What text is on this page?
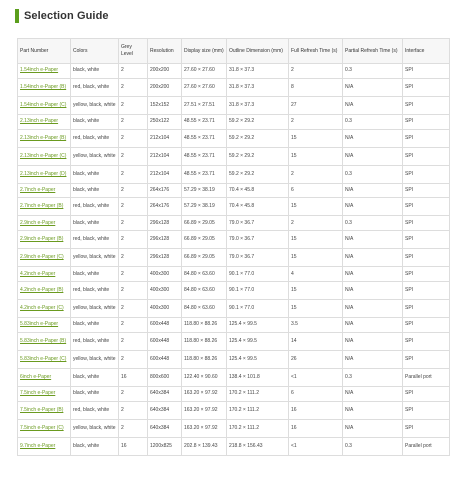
Selection Guide
Part Number	Colors	Grey Level	Resolution	Display size (mm)	Outline Dimension (mm)	Full Refresh Time (s)	Partial Refresh Time (s)	Interface
1.54inch e-Paper	black, white	2	200x200	27.60 × 27.60	31.8 × 37.3	2	0.3	SPI
1.54inch e-Paper (B)	red, black, white	2	200x200	27.60 × 27.60	31.8 × 37.3	8	N/A	SPI
1.54inch e-Paper (C)	yellow, black, white	2	152x152	27.51 × 27.51	31.8 × 37.3	27	N/A	SPI
2.13inch e-Paper	black, white	2	250x122	48.55 × 23.71	59.2 × 29.2	2	0.3	SPI
2.13inch e-Paper (B)	red, black, white	2	212x104	48.55 × 23.71	59.2 × 29.2	15	N/A	SPI
2.13inch e-Paper (C)	yellow, black, white	2	212x104	48.55 × 23.71	59.2 × 29.2	15	N/A	SPI
2.13inch e-Paper (D)	black, white	2	212x104	48.55 × 23.71	59.2 × 29.2	2	0.3	SPI
2.7inch e-Paper	black, white	2	264x176	57.29 × 38.19	70.4 × 45.8	6	N/A	SPI
2.7inch e-Paper (B)	red, black, white	2	264x176	57.29 × 38.19	70.4 × 45.8	15	N/A	SPI
2.9inch e-Paper	black, white	2	296x128	66.89 × 29.05	79.0 × 36.7	2	0.3	SPI
2.9inch e-Paper (B)	red, black, white	2	296x128	66.89 × 29.05	79.0 × 36.7	15	N/A	SPI
2.9inch e-Paper (C)	yellow, black, white	2	296x128	66.89 × 29.05	79.0 × 36.7	15	N/A	SPI
4.2inch e-Paper	black, white	2	400x300	84.80 × 63.60	90.1 × 77.0	4	N/A	SPI
4.2inch e-Paper (B)	red, black, white	2	400x300	84.80 × 63.60	90.1 × 77.0	15	N/A	SPI
4.2inch e-Paper (C)	yellow, black, white	2	400x300	84.80 × 63.60	90.1 × 77.0	15	N/A	SPI
5.83inch e-Paper	black, white	2	600x448	118.80 × 88.26	125.4 × 99.5	3.5	N/A	SPI
5.83inch e-Paper (B)	red, black, white	2	600x448	118.80 × 88.26	125.4 × 99.5	14	N/A	SPI
5.83inch e-Paper (C)	yellow, black, white	2	600x448	118.80 × 88.26	125.4 × 99.5	26	N/A	SPI
6inch e-Paper	black, white	16	800x600	122.40 × 90.60	138.4 × 101.8	<1	0.3	Parallel port
7.5inch e-Paper	black, white	2	640x384	163.20 × 97.92	170.2 × 111.2	6	N/A	SPI
7.5inch e-Paper (B)	red, black, white	2	640x384	163.20 × 97.92	170.2 × 111.2	16	N/A	SPI
7.5inch e-Paper (C)	yellow, black, white	2	640x384	163.20 × 97.92	170.2 × 111.2	16	N/A	SPI
9.7inch e-Paper	black, white	16	1200x825	202.8 × 139.43	218.8 × 156.43	<1	0.3	Parallel port
